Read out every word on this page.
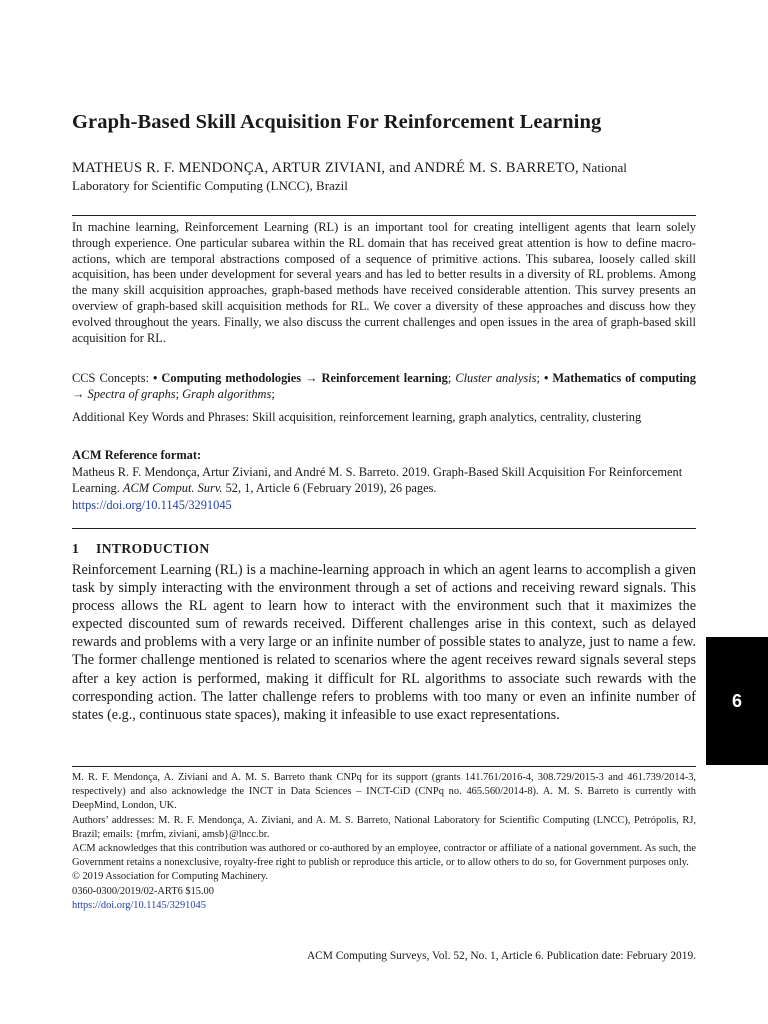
Graph-Based Skill Acquisition For Reinforcement Learning
MATHEUS R. F. MENDONÇA, ARTUR ZIVIANI, and ANDRÉ M. S. BARRETO, National
Laboratory for Scientific Computing (LNCC), Brazil

In machine learning, Reinforcement Learning (RL) is an important tool for creating intelligent agents that learn solely through experience. One particular subarea within the RL domain that has received great attention is how to define macro-actions, which are temporal abstractions composed of a sequence of primitive actions. This subarea, loosely called skill acquisition, has been under development for several years and has led to better results in a diversity of RL problems. Among the many skill acquisition approaches, graph-based methods have received considerable attention. This survey presents an overview of graph-based skill acquisition methods for RL. We cover a diversity of these approaches and discuss how they evolved throughout the years. Finally, we also discuss the current challenges and open issues in the area of graph-based skill acquisition for RL.

CCS Concepts: • Computing methodologies → Reinforcement learning; Cluster analysis; • Mathematics of computing → Spectra of graphs; Graph algorithms;

Additional Key Words and Phrases: Skill acquisition, reinforcement learning, graph analytics, centrality, clustering

ACM Reference format:
Matheus R. F. Mendonça, Artur Ziviani, and André M. S. Barreto. 2019. Graph-Based Skill Acquisition For Reinforcement Learning. ACM Comput. Surv. 52, 1, Article 6 (February 2019), 26 pages.
https://doi.org/10.1145/3291045
1 INTRODUCTION

Reinforcement Learning (RL) is a machine-learning approach in which an agent learns to accomplish a given task by simply interacting with the environment through a set of actions and receiving reward signals. This process allows the RL agent to learn how to interact with the environment such that it maximizes the expected discounted sum of rewards received. Different challenges arise in this context, such as delayed rewards and problems with a very large or an infinite number of possible states to analyze, just to name a few. The former challenge mentioned is related to scenarios where the agent receives reward signals several steps after a key action is performed, making it difficult for RL algorithms to associate such rewards with the corresponding action. The latter challenge refers to problems with too many or even an infinite number of states (e.g., continuous state spaces), making it infeasible to use exact representations.

M. R. F. Mendonça, A. Ziviani and A. M. S. Barreto thank CNPq for its support (grants 141.761/2016-4, 308.729/2015-3 and 461.739/2014-3, respectively) and also acknowledge the INCT in Data Sciences – INCT-CiD (CNPq no. 465.560/2014-8). A. M. S. Barreto is currently with DeepMind, London, UK.

Authors’ addresses: M. R. F. Mendonça, A. Ziviani, and A. M. S. Barreto, National Laboratory for Scientific Computing (LNCC), Petrópolis, RJ, Brazil; emails: {mrfm, ziviani, amsb}@lncc.br.

ACM acknowledges that this contribution was authored or co-authored by an employee, contractor or affiliate of a national government. As such, the Government retains a nonexclusive, royalty-free right to publish or reproduce this article, or to allow others to do so, for Government purposes only.

© 2019 Association for Computing Machinery.

0360-0300/2019/02-ART6 $15.00

https://doi.org/10.1145/3291045

ACM Computing Surveys, Vol. 52, No. 1, Article 6. Publication date: February 2019.
6
